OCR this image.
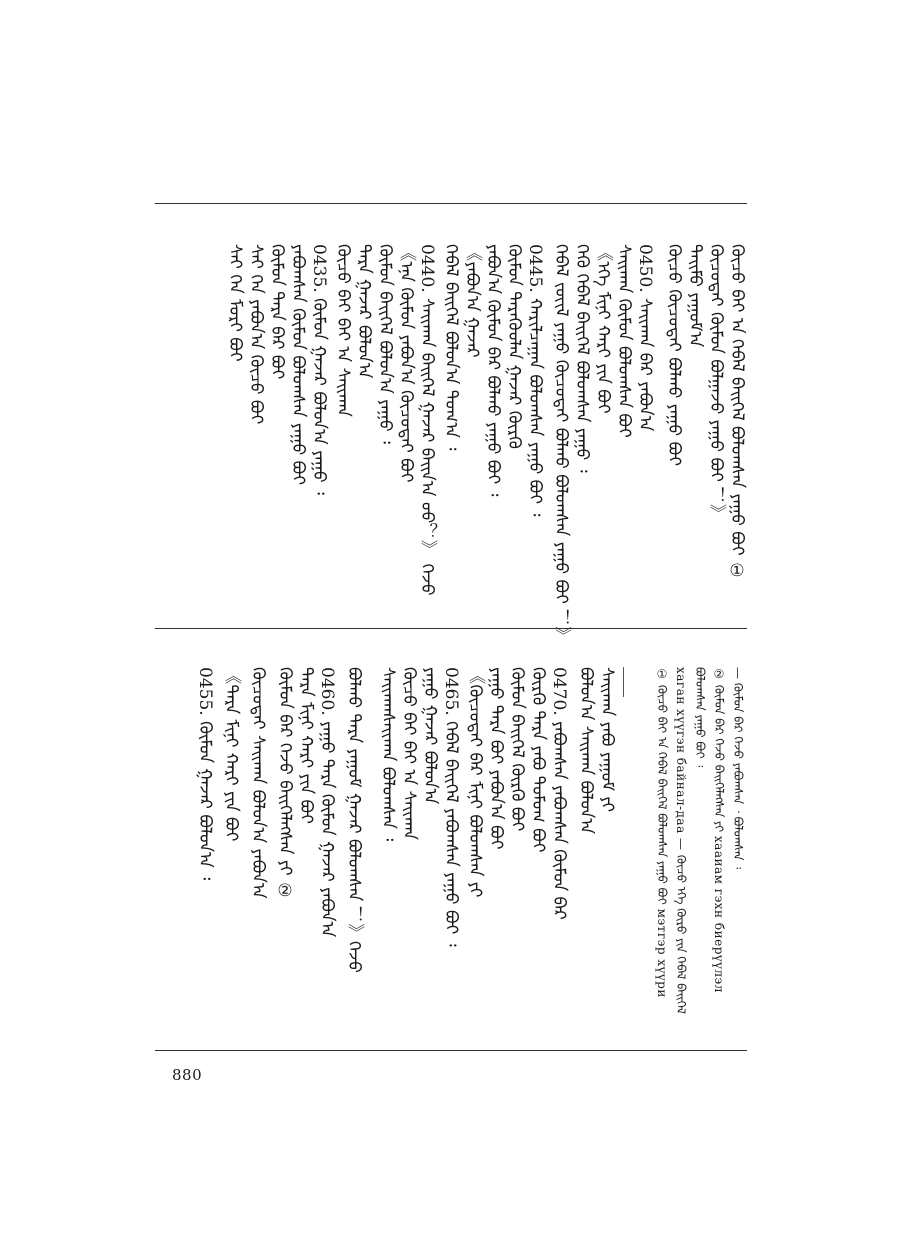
ᠬᠦᠴᠦ ᠪᠠᠢ ᠠ ᠭᠡᠪᠡᠯ ᠪᠡᠢᠭᠡᠯ ᠪᠣᠯᠤᠭᠰᠠᠨ ᠶᠠᠭᠤ ᠪᠣᠢ ①
ᠬᠦᠴᠦᠲᠡᠢ ᠬᠦᠮᠦᠨ ᠪᠣᠯᠭᠠᠵᠤ ᠶᠠᠭᠤ ᠪᠣᠢ ！》
ᠲᠡᠢᠮᠦ ᠶᠠᠭᠤᠮ᠎ᠠ
ᠬᠦᠴᠦ ᠬᠦᠴᠦᠲᠡᠢ ᠪᠣᠯᠬᠤ ᠶᠠᠭᠤ ᠪᠣᠢ
0450. ᠰᠠᠢᠬᠠᠨ ᠪᠠᠷ ᠶᠠᠪᠤᠨ᠎ᠠ
ᠰᠠᠢᠬᠠᠨ ᠬᠦᠮᠦᠨ ᠪᠣᠯᠤᠭᠰᠠᠨ ᠪᠣᠢ
《ᠡᠬᠡ ᠮᠢᠨᠢ ᠬᠠᠷᠢ ᠶᠢᠨ ᠪᠣᠢ
ᠭᠡᠬᠦ ᠭᠡᠪᠡᠯ ᠪᠡᠢᠭᠡᠯ ᠪᠣᠯᠤᠭᠰᠠᠨ ᠶᠠᠭᠤ ᠄
ᠭᠡᠪᠡᠯ ᠵᠦᠢᠯ ᠶᠠᠭᠤ ᠬᠦᠴᠦᠲᠡᠢ ᠪᠣᠯᠬᠤ ᠪᠣᠯᠤᠭᠰᠠᠨ ᠶᠠᠭᠤ ᠪᠣᠢ ！》
0445. ᠬᠠᠷᠢᠯᠴᠠᠭᠠᠨ ᠪᠣᠯᠤᠭᠰᠠᠨ ᠶᠠᠭᠤ ᠪᠣᠢ ᠄
ᠬᠦᠮᠦᠨ ᠲᠡᠷᠡᠭᠦᠦᠯᠡᠨ ᠭᠠᠵᠠᠷ ᠬᠦᠷᠬᠦ
ᠶᠠᠪᠤᠨ᠎ᠠ ᠬᠦᠮᠦᠨ ᠪᠠᠷ ᠪᠣᠯᠬᠤ ᠶᠠᠭᠤ ᠪᠣᠢ ᠄
《ᠶᠠᠪᠤᠨ᠎ᠠ ᠭᠠᠵᠠᠷ
ᠭᠡᠪᠡᠯ ᠪᠡᠢᠭᠡᠯ ᠪᠣᠯᠤᠨ᠎ᠠ ᠲᠣᠭ᠎ᠠ ᠄
0440. ᠰᠠᠢᠬᠠᠨ ᠪᠡᠢᠭᠡᠯ ᠭᠠᠵᠠᠷ ᠪᠠᠢᠨ᠎ᠠ ᠤᠤ？》 ᠭᠡᠵᠦ
《ᠡᠨᠡ ᠬᠦᠮᠦᠨ ᠶᠠᠪᠤᠨ᠎ᠠ ᠬᠦᠴᠦᠲᠡᠢ ᠪᠣᠢ
ᠬᠦᠮᠦᠨ ᠪᠡᠢᠭᠡᠯ ᠪᠣᠯᠤᠨ᠎ᠠ ᠶᠠᠭᠤ ᠄
ᠲᠡᠷᠡ ᠭᠠᠵᠠᠷ ᠪᠣᠯᠤᠨ᠎ᠠ
ᠬᠦᠴᠦ ᠪᠠᠢ ᠪᠠᠢ ᠠ ᠰᠠᠢᠬᠠᠨ
0435. ᠬᠦᠮᠦᠨ ᠭᠠᠵᠠᠷ ᠪᠣᠯᠤᠨ᠎ᠠ ᠶᠠᠭᠤ ᠄
ᠶᠠᠪᠤᠭᠰᠠᠨ ᠬᠦᠮᠦᠨ ᠪᠣᠯᠤᠭᠰᠠᠨ ᠶᠠᠭᠤ ᠪᠣᠢ
ᠬᠦᠮᠦᠨ ᠲᠡᠷᠡ ᠪᠡᠷ ᠪᠣᠢ
ᠰᠠᠢ ᠭᠡᠨ ᠶᠠᠪᠤᠨ᠎ᠠ ᠬᠦᠴᠦ ᠪᠣᠢ
ᠰᠠᠢ ᠭᠡᠨ ᠮᠣᠷᠢ ᠪᠣᠢ
— ᠬᠦᠮᠦᠨ ᠪᠠᠷ ᠭᠡᠵᠦ ᠶᠠᠪᠤᠭᠰᠠᠨ ᠂ ᠪᠣᠯᠤᠭᠰᠠᠨ ᠄
② ᠬᠦᠮᠦᠨ ᠪᠠᠷ ᠭᠡᠵᠦ ᠪᠡᠢᠭᠡᠯᠡᠭᠰᠡᠨ ᠶᠢ хааиам гэхн биерүүлэл
ᠪᠣᠯᠤᠭᠰᠠᠨ ᠶᠠᠭᠤ ᠪᠣᠢ ᠄
хаган хүүгэн байнал-даа — ᠬᠦᠴᠦ ᠡᠬᠡ ᠬᠦᠷᠦ ᠶᠢᠨ ᠭᠡᠪᠡᠯ ᠪᠡᠢᠭᠡᠯ
① ᠬᠦᠴᠦ ᠪᠠᠢ ᠠ ᠭᠡᠪᠡᠯ ᠪᠡᠢᠭᠡᠯ ᠪᠣᠯᠤᠭᠰᠠᠨ ᠶᠠᠭᠤ ᠪᠣᠢ мэтгэр хүүри
ᠰᠠᠢᠬᠠᠨ ᠶᠠᠪᠤ ᠶᠠᠭᠤᠮ ᠶᠢ
ᠪᠣᠯᠤᠨ᠎ᠠ ᠰᠠᠢᠬᠠᠨ ᠪᠣᠯᠤᠨ᠎ᠠ
0470. ᠶᠠᠪᠤᠭᠰᠠᠨ ᠶᠠᠪᠤᠭᠰᠠᠨ ᠬᠦᠮᠦᠨ ᠪᠠᠷ
ᠬᠦᠷᠬᠦ ᠲᠡᠷᠡ ᠶᠠᠪᠤ ᠳᠣᠮᠣᠭ ᠪᠣᠢ
ᠬᠦᠮᠦᠨ ᠪᠡᠢᠭᠡᠯ ᠬᠦᠷᠬᠦ ᠪᠣᠢ
ᠶᠠᠭᠤ ᠲᠡᠷᠡ ᠪᠣᠢ ᠶᠠᠪᠤᠨ᠎ᠠ ᠪᠣᠢ
《ᠬᠦᠴᠦᠲᠡᠢ ᠪᠠᠷ ᠮᠢᠨᠢ ᠪᠣᠯᠤᠭᠰᠠᠨ ᠶᠢ
0465. ᠭᠡᠪᠡᠯ ᠪᠡᠢᠭᠡᠯ ᠶᠠᠪᠤᠭᠰᠠᠨ ᠶᠠᠭᠤ ᠪᠣᠢ ᠄
ᠶᠠᠭᠤ ᠭᠠᠵᠠᠷ ᠪᠣᠯᠤᠨ᠎ᠠ
ᠬᠦᠴᠦ ᠪᠠᠢ ᠪᠠᠢ ᠠ ᠰᠠᠢᠬᠠᠨ
ᠰᠠᠢᠬᠠᠨᠰᠠᠢᠬᠠᠨ ᠪᠣᠯᠤᠭᠰᠠᠨ ᠄
ᠪᠣᠯᠬᠤ ᠲᠡᠷᠡ ᠶᠠᠭᠤᠮ ᠭᠠᠵᠠᠷ ᠪᠣᠯᠤᠭᠰᠠᠨ ！》ᠭᠡᠵᠦ
0460. ᠶᠠᠭᠤ ᠲᠡᠷᠡ ᠬᠦᠮᠦᠨ ᠭᠠᠵᠠᠷ ᠶᠠᠪᠤᠨ᠎ᠠ
ᠲᠡᠷᠡ ᠮᠢᠨᠢ ᠬᠠᠷᠢ ᠶᠢᠨ ᠪᠣᠢ
ᠬᠦᠮᠦᠨ ᠪᠠᠷ ᠭᠡᠵᠦ ᠪᠡᠢᠭᠡᠯᠡᠭᠰᠡᠨ ᠶᠢ ②
ᠬᠦᠴᠦᠲᠡᠢ ᠰᠠᠢᠬᠠᠨ ᠪᠣᠯᠤᠨ᠎ᠠ ᠶᠠᠪᠤᠨ᠎ᠠ
《ᠲᠡᠷᠡ ᠮᠢᠨᠢ ᠬᠠᠷᠢ ᠶᠢᠨ ᠪᠣᠢ
0455. ᠬᠦᠮᠦᠨ ᠭᠠᠵᠠᠷ ᠪᠣᠯᠤᠨ᠎ᠠ ᠄
880
